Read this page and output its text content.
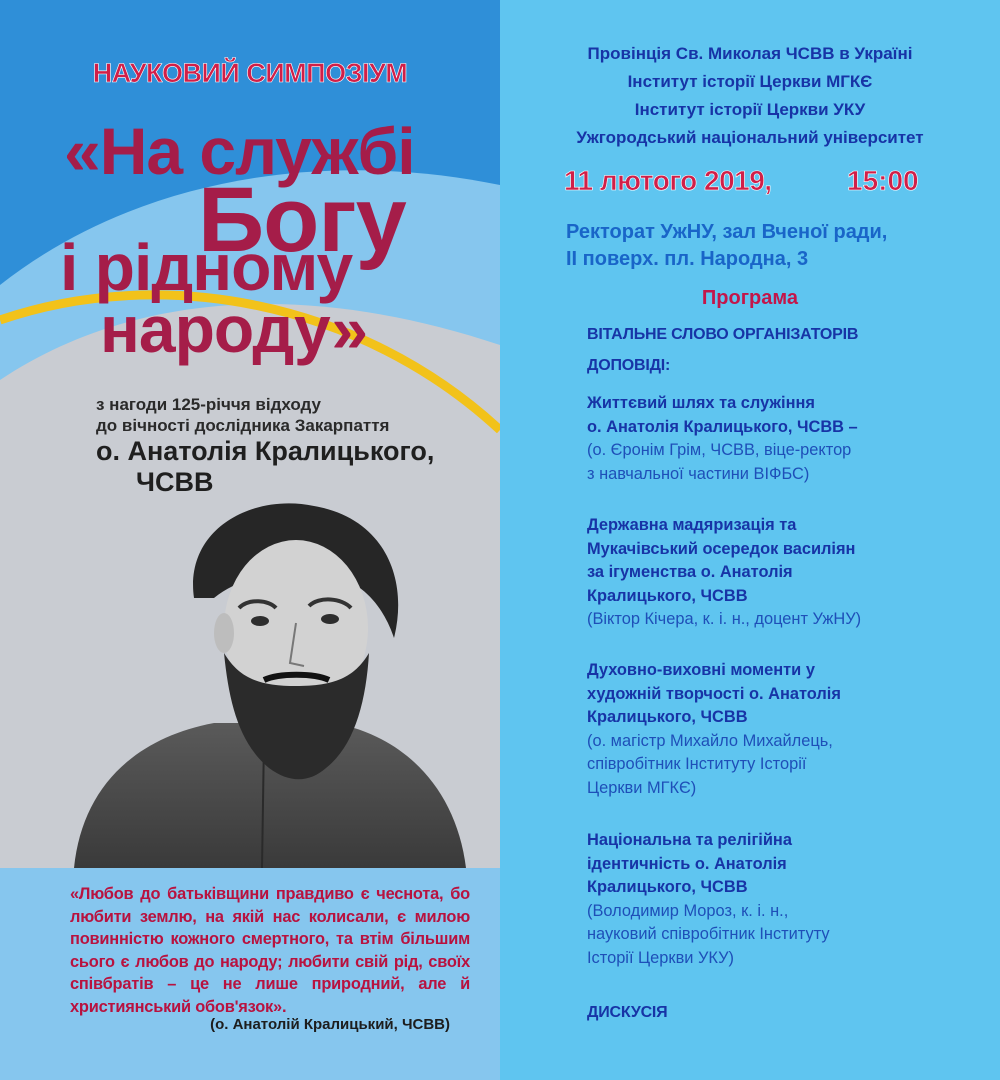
НАУКОВИЙ СИМПОЗІУМ
«На службі
Богу
і рідному
народу»
з нагоди 125-річчя відходу
до вічності дослідника Закарпаття
о. Анатолія Кралицького,
ЧСВВ
«Любов до батьківщини правдиво є чеснота, бо любити землю, на якій нас колисали, є милою повинністю кожного смертного, та втім більшим сього є любов до народу; любити свій рід, своїх співбратів – це не лише природний, але й християнський обов'язок».
(о. Анатолій Кралицький, ЧСВВ)
Провінція Св. Миколая ЧСВВ в Україні
Інститут історії Церкви МГКЄ
Інститут історії Церкви УКУ
Ужгородський національний університет
11 лютого 2019,	15:00
Ректорат УжНУ, зал Вченої ради,
II поверх. пл. Народна, 3
Програма
ВІТАЛЬНЕ СЛОВО ОРГАНІЗАТОРІВ
ДОПОВІДІ:
Життєвий шлях та служіння
о. Анатолія Кралицького, ЧСВВ –
(о. Єронім Грім, ЧСВВ, віце-ректор
з навчальної частини ВІФБС)
Державна мадяризація та
Мукачівський осередок василіян
за ігуменства о. Анатолія
Кралицького, ЧСВВ
(Віктор Кічера, к. і. н., доцент УжНУ)
Духовно-виховні моменти у
художній творчості о. Анатолія
Кралицького, ЧСВВ
(о. магістр Михайло Михайлець,
співробітник Інституту Історії
Церкви МГКЄ)
Національна та релігійна
ідентичність о. Анатолія
Кралицького, ЧСВВ
(Володимир Мороз, к. і. н.,
науковий співробітник Інституту
Історії Церкви УКУ)
ДИСКУСІЯ
